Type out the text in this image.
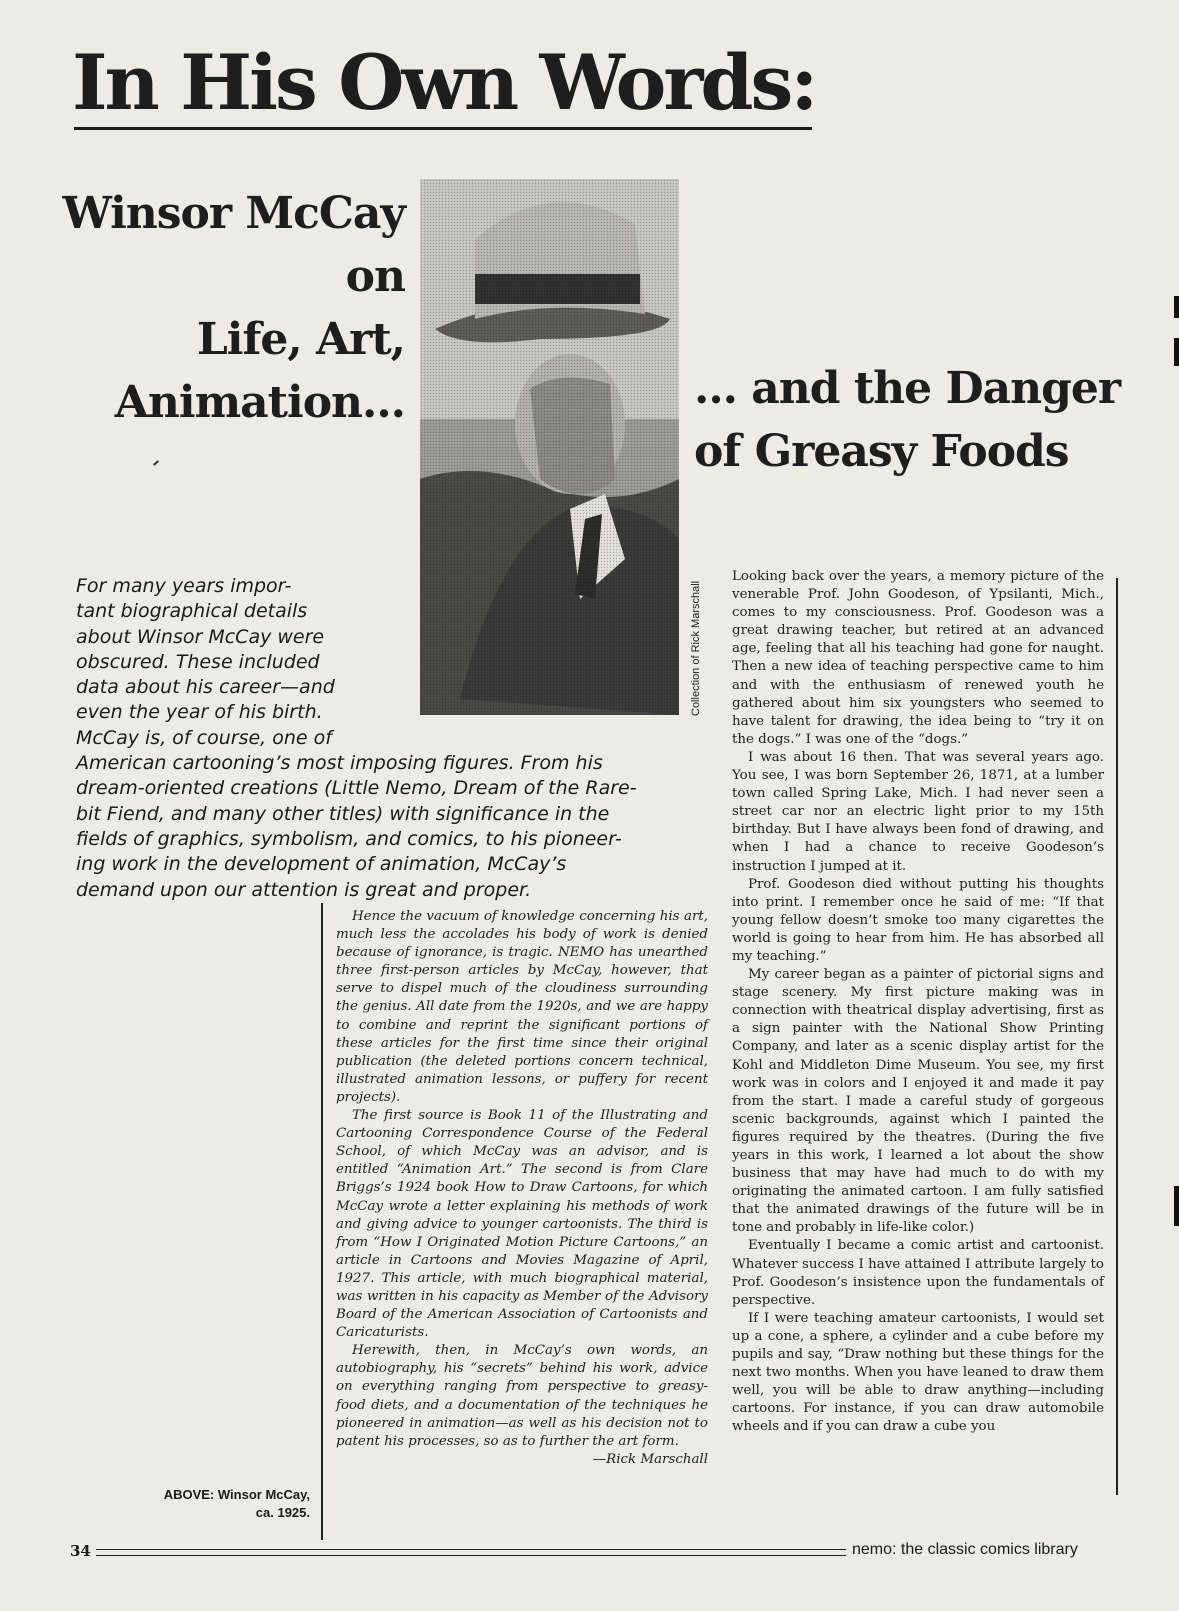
In His Own Words:
Winsor McCay
on
Life, Art,
Animation...
Collection of Rick Marschall
... and the Danger
of Greasy Foods
For many years impor-
tant biographical details
about Winsor McCay were
obscured. These included
data about his career—and
even the year of his birth.
McCay is, of course, one of
American cartooning’s most imposing figures. From his
dream-oriented creations (Little Nemo, Dream of the Rare-
bit Fiend, and many other titles) with significance in the
fields of graphics, symbolism, and comics, to his pioneer-
ing work in the development of animation, McCay’s
demand upon our attention is great and proper.

Hence the vacuum of knowledge concerning his art, much less the accolades his body of work is denied because of ignorance, is tragic. NEMO has unearthed three first-person articles by McCay, however, that serve to dispel much of the cloudiness surrounding the genius. All date from the 1920s, and we are happy to combine and reprint the significant portions of these articles for the first time since their original publication (the deleted portions concern technical, illustrated animation lessons, or puffery for recent projects).

The first source is Book 11 of the Illustrating and Cartooning Correspondence Course of the Federal School, of which McCay was an advisor, and is entitled “Animation Art.” The second is from Clare Briggs’s 1924 book How to Draw Cartoons, for which McCay wrote a letter explaining his methods of work and giving advice to younger cartoonists. The third is from “How I Originated Motion Picture Cartoons,” an article in Cartoons and Movies Magazine of April, 1927. This article, with much biographical material, was written in his capacity as Member of the Advisory Board of the American Association of Cartoonists and Caricaturists.

Herewith, then, in McCay’s own words, an autobiography, his “secrets” behind his work, advice on everything ranging from perspective to greasy-food diets, and a documentation of the techniques he pioneered in animation—as well as his decision not to patent his processes, so as to further the art form.

—Rick Marschall

Looking back over the years, a memory picture of the venerable Prof. John Goodeson, of Ypsilanti, Mich., comes to my consciousness. Prof. Goodeson was a great drawing teacher, but retired at an advanced age, feeling that all his teaching had gone for naught. Then a new idea of teaching perspective came to him and with the enthusiasm of renewed youth he gathered about him six youngsters who seemed to have talent for drawing, the idea being to “try it on the dogs.” I was one of the “dogs.”

I was about 16 then. That was several years ago. You see, I was born September 26, 1871, at a lumber town called Spring Lake, Mich. I had never seen a street car nor an electric light prior to my 15th birthday. But I have always been fond of drawing, and when I had a chance to receive Goodeson’s instruction I jumped at it.

Prof. Goodeson died without putting his thoughts into print. I remember once he said of me: “If that young fellow doesn’t smoke too many cigarettes the world is going to hear from him. He has absorbed all my teaching.”

My career began as a painter of pictorial signs and stage scenery. My first picture making was in connection with theatrical display advertising, first as a sign painter with the National Show Printing Company, and later as a scenic display artist for the Kohl and Middleton Dime Museum. You see, my first work was in colors and I enjoyed it and made it pay from the start. I made a careful study of gorgeous scenic backgrounds, against which I painted the figures required by the theatres. (During the five years in this work, I learned a lot about the show business that may have had much to do with my originating the animated cartoon. I am fully satisfied that the animated drawings of the future will be in tone and probably in life-like color.)

Eventually I became a comic artist and cartoonist. Whatever success I have attained I attribute largely to Prof. Goodeson’s insistence upon the fundamentals of perspective.

If I were teaching amateur cartoonists, I would set up a cone, a sphere, a cylinder and a cube before my pupils and say, “Draw nothing but these things for the next two months. When you have leaned to draw them well, you will be able to draw anything—including cartoons. For instance, if you can draw automobile wheels and if you can draw a cube you

ABOVE: Winsor McCay,
ca. 1925.
34	nemo: the classic comics library
